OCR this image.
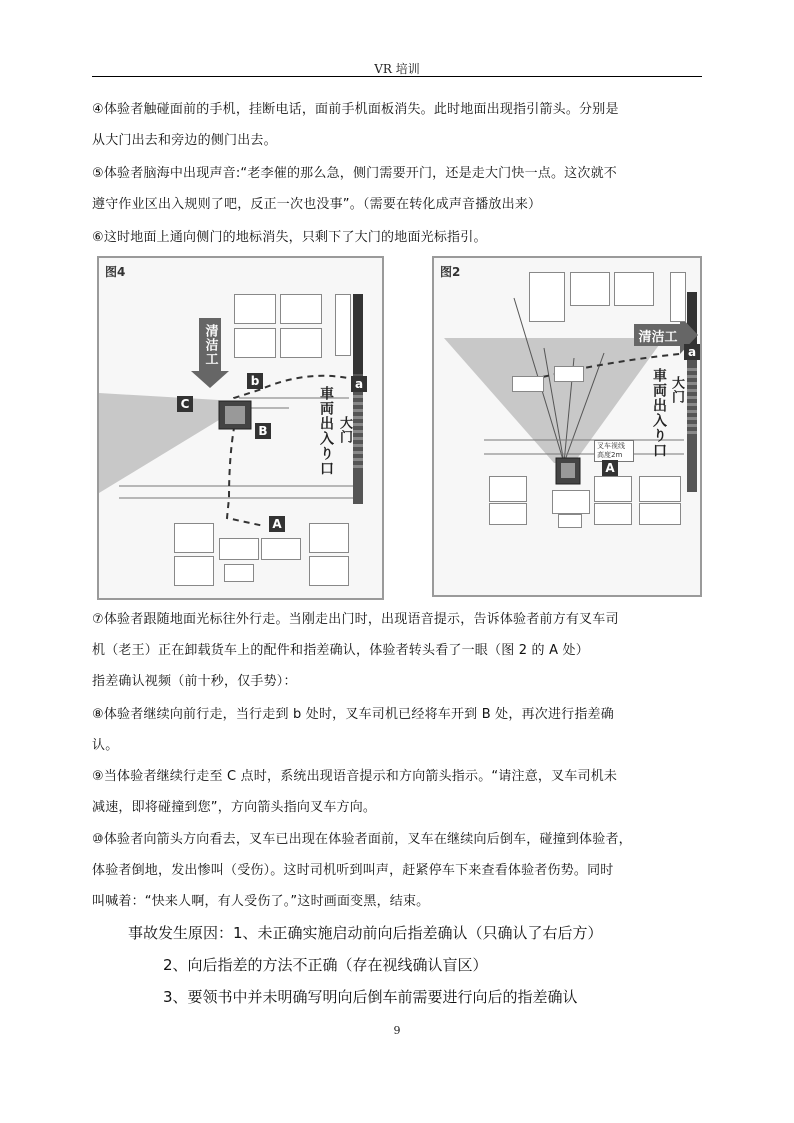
VR 培训
④体验者触碰面前的手机，挂断电话，面前手机面板消失。此时地面出现指引箭头。分别是
从大门出去和旁边的侧门出去。
⑤体验者脑海中出现声音:“老李催的那么急，侧门需要开门，还是走大门快一点。这次就不
遵守作业区出入规则了吧，反正一次也没事”。（需要在转化成声音播放出来）
⑥这时地面上通向侧门的地标消失，只剩下了大门的地面光标指引。
图4
清洁工
大门
車両出入り口
a
b
B
C
A
图2
清洁工
大门
車両出入り口
叉车视线 高度2m
a
A
⑦体验者跟随地面光标往外行走。当刚走出门时，出现语音提示，告诉体验者前方有叉车司
机（老王）正在卸载货车上的配件和指差确认，体验者转头看了一眼（图 2 的 A 处）
指差确认视频（前十秒，仅手势）：
⑧体验者继续向前行走，当行走到 b 处时，叉车司机已经将车开到 B 处，再次进行指差确
认。
⑨当体验者继续行走至 C 点时，系统出现语音提示和方向箭头指示。“请注意，叉车司机未
减速，即将碰撞到您”，方向箭头指向叉车方向。
⑩体验者向箭头方向看去，叉车已出现在体验者面前，叉车在继续向后倒车，碰撞到体验者，
体验者倒地，发出惨叫（受伤）。这时司机听到叫声，赶紧停车下来查看体验者伤势。同时
叫喊着：“快来人啊，有人受伤了。”这时画面变黑，结束。
事故发生原因：1、未正确实施启动前向后指差确认（只确认了右后方）
2、向后指差的方法不正确（存在视线确认盲区）
3、要领书中并未明确写明向后倒车前需要进行向后的指差确认
9
